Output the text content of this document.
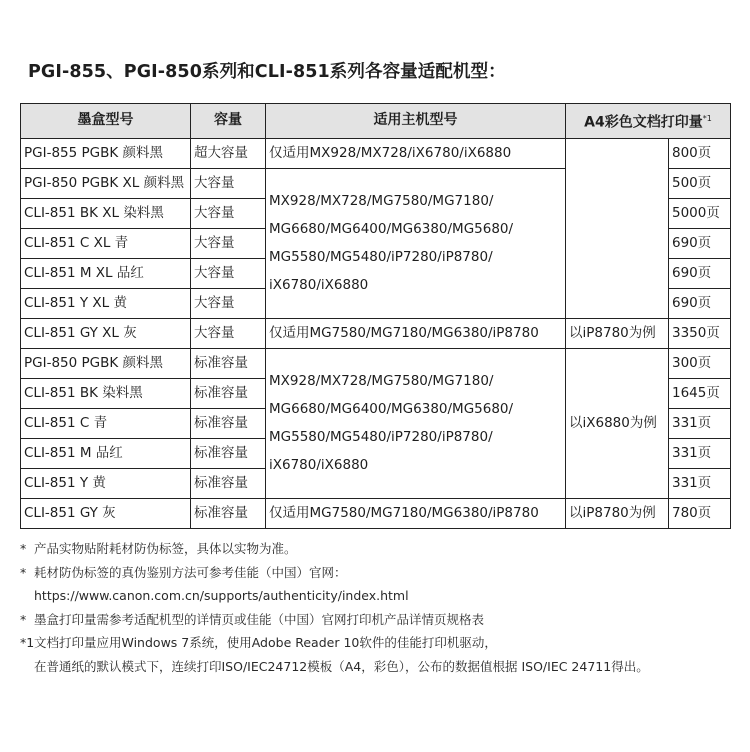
PGI-855、PGI-850系列和CLI-851系列各容量适配机型：
墨盒型号	容量	适用主机型号	A4彩色文档打印量$^{*1}$
PGI-855 PGBK 颜料黑	超大容量	仅适用MX928/MX728/iX6780/iX6880		800页
PGI-850 PGBK XL 颜料黑	大容量	MX928/MX728/MG7580/MG7180/
MG6680/MG6400/MG6380/MG5680/
MG5580/MG5480/iP7280/iP8780/
iX6780/iX6880		500页
CLI-851 BK XL 染料黑	大容量			5000页
CLI-851 C XL 青	大容量			690页
CLI-851 M XL 品红	大容量			690页
CLI-851 Y XL 黄	大容量			690页
CLI-851 GY XL 灰	大容量	仅适用MG7580/MG7180/MG6380/iP8780	以iP8780为例	3350页
PGI-850 PGBK 颜料黑	标准容量	MX928/MX728/MG7580/MG7180/
MG6680/MG6400/MG6380/MG5680/
MG5580/MG5480/iP7280/iP8780/
iX6780/iX6880	以iX6880为例	300页
CLI-851 BK 染料黑	标准容量			1645页
CLI-851 C 青	标准容量			331页
CLI-851 M 品红	标准容量			331页
CLI-851 Y 黄	标准容量			331页
CLI-851 GY 灰	标准容量	仅适用MG7580/MG7180/MG6380/iP8780	以iP8780为例	780页
* 产品实物贴附耗材防伪标签，具体以实物为准。
* 耗材防伪标签的真伪鉴别方法可参考佳能（中国）官网：
https://www.canon.com.cn/supports/authenticity/index.html
* 墨盒打印量需参考适配机型的详情页或佳能（中国）官网打印机产品详情页规格表
*1 文档打印量应用Windows 7系统，使用Adobe Reader 10软件的佳能打印机驱动，
在普通纸的默认模式下，连续打印ISO/IEC24712模板（A4，彩色），公布的数据值根据 ISO/IEC 24711得出。
